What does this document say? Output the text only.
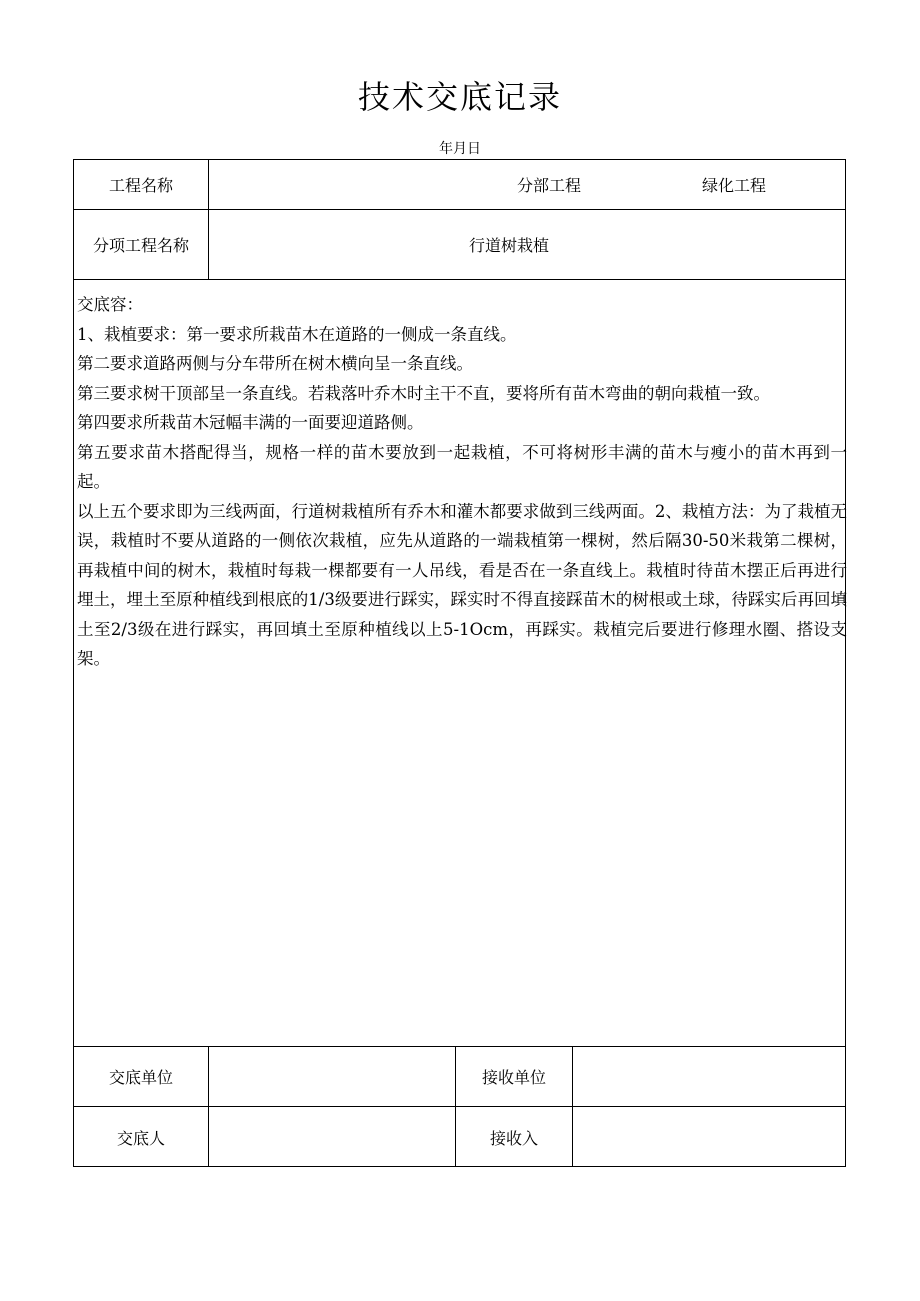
技术交底记录
年月日
工程名称	分部工程	绿化工程
分项工程名称	行道树栽植

交底容：

1、栽植要求：第一要求所栽苗木在道路的一侧成一条直线。

第二要求道路两侧与分车带所在树木横向呈一条直线。

第三要求树干顶部呈一条直线。若栽落叶乔木时主干不直，要将所有苗木弯曲的朝向栽植一致。

第四要求所栽苗木冠幅丰满的一面要迎道路侧。

第五要求苗木搭配得当，规格一样的苗木要放到一起栽植，不可将树形丰满的苗木与瘦小的苗木再到一起。

以上五个要求即为三线两面，行道树栽植所有乔木和灌木都要求做到三线两面。2、栽植方法：为了栽植无误，栽植时不要从道路的一侧依次栽植，应先从道路的一端栽植第一棵树，然后隔30-50米栽第二棵树，再栽植中间的树木，栽植时每栽一棵都要有一人吊线，看是否在一条直线上。栽植时待苗木摆正后再进行埋土，埋土至原种植线到根底的1/3级要进行踩实，踩实时不得直接踩苗木的树根或土球，待踩实后再回填土至2/3级在进行踩实，再回填土至原种植线以上5-1Ocm，再踩实。栽植完后要进行修理水圈、搭设支架。

交底单位	接收单位
交底人	接收入
